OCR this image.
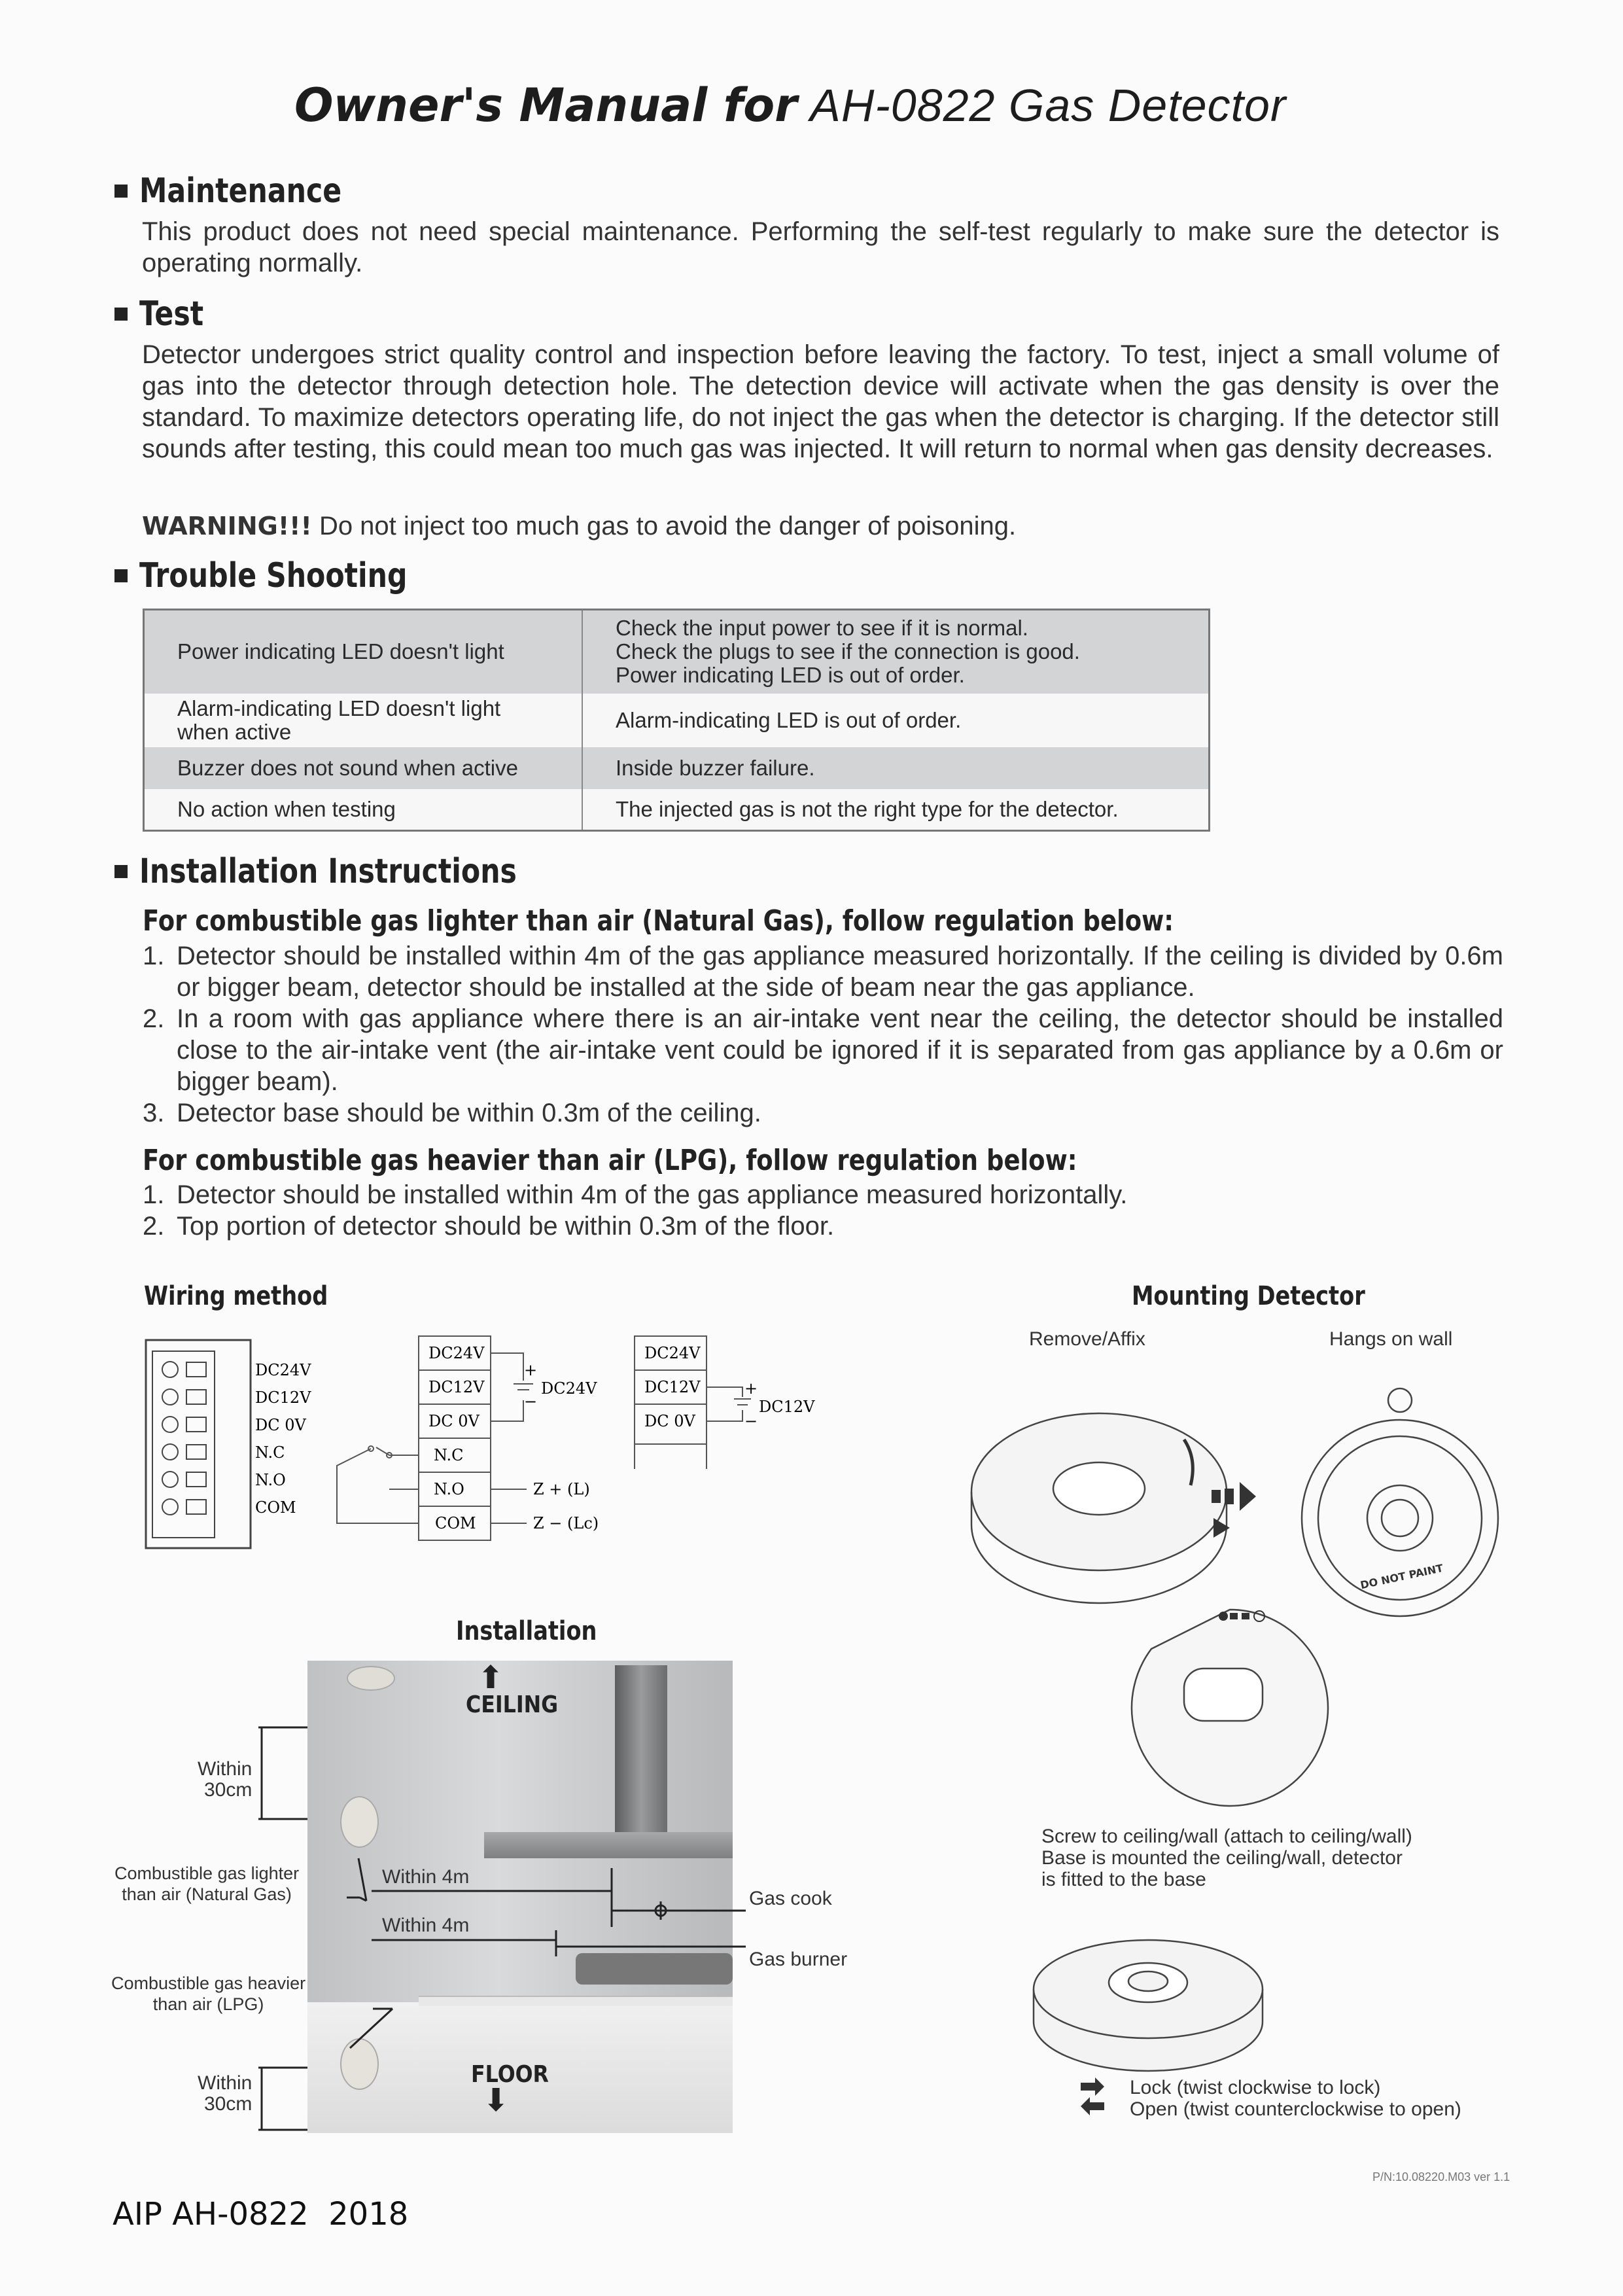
Owner's Manual for AH-0822 Gas Detector
Maintenance
This product does not need special maintenance. Performing the self-test regularly to make sure the detector is operating normally.
Test
Detector undergoes strict quality control and inspection before leaving the factory. To test, inject a small volume of gas into the detector through detection hole. The detection device will activate when the gas density is over the standard. To maximize detectors operating life, do not inject the gas when the detector is charging. If the detector still sounds after testing, this could mean too much gas was injected. It will return to normal when gas density decreases.
WARNING!!! Do not inject too much gas to avoid the danger of poisoning.
Trouble Shooting
Power indicating LED doesn't light	Check the input power to see if it is normal.
Check the plugs to see if the connection is good.
Power indicating LED is out of order.
Alarm-indicating LED doesn't light
when active	Alarm-indicating LED is out of order.
Buzzer does not sound when active	Inside buzzer failure.
No action when testing	The injected gas is not the right type for the detector.
Installation Instructions
For combustible gas lighter than air (Natural Gas), follow regulation below:
1. Detector should be installed within 4m of the gas appliance measured horizontally. If the ceiling is divided by 0.6m or bigger beam, detector should be installed at the side of beam near the gas appliance.
2. In a room with gas appliance where there is an air-intake vent near the ceiling, the detector should be installed close to the air-intake vent (the air-intake vent could be ignored if it is separated from gas appliance by a 0.6m or bigger beam).
3. Detector base should be within 0.3m of the ceiling.
For combustible gas heavier than air (LPG), follow regulation below:
1. Detector should be installed within 4m of the gas appliance measured horizontally.
2. Top portion of detector should be within 0.3m of the floor.
Wiring method
DC24V
DC12V
DC 0V
N.C
N.O
COM
DC24V
DC12V
DC 0V
N.C
N.O
COM
+
−
DC24V
Z + (L)
Z − (Lc)
DC24V
DC12V
DC 0V
+
−
DC12V
Mounting Detector
Remove/Affix	Hangs on wall
DO NOT PAINT
Screw to ceiling/wall (attach to ceiling/wall)
Base is mounted the ceiling/wall, detector
is fitted to the base
Lock (twist clockwise to lock)
Open (twist counterclockwise to open)
Installation
⬆
CEILING
FLOOR
⬇
Within
30cm
Within
30cm
Combustible gas lighter
than air (Natural Gas)
Combustible gas heavier
than air (LPG)
Within 4m
Within 4m
Gas cook
Gas burner
P/N:10.08220.M03 ver 1.1
AIP AH-0822  2018
